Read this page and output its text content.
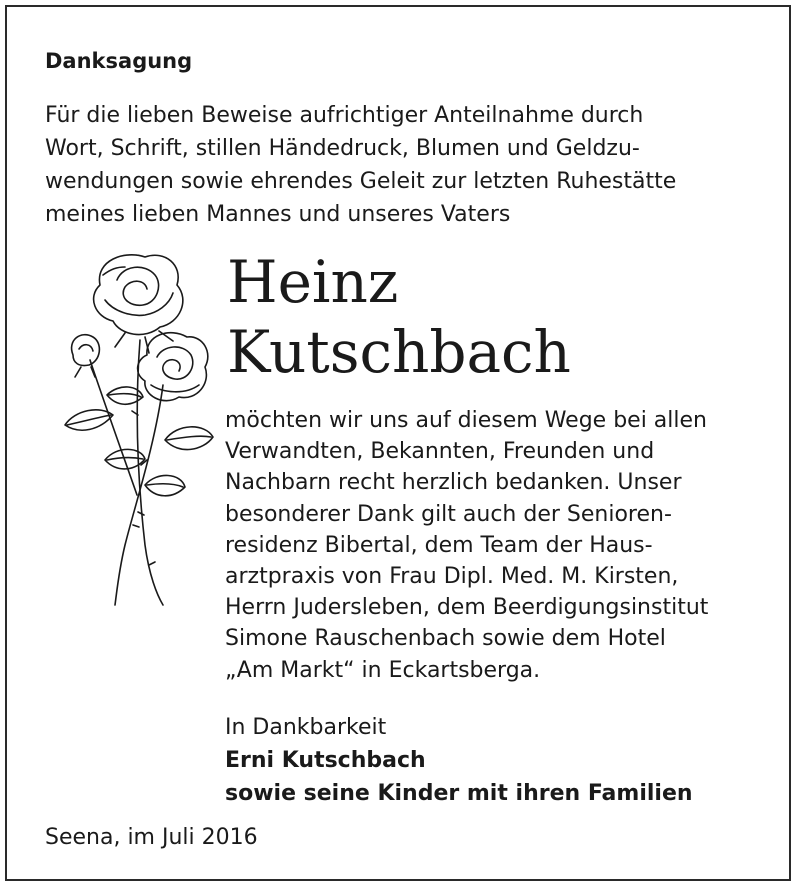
Danksagung
Für die lieben Beweise aufrichtiger Anteilnahme durch
Wort, Schrift, stillen Händedruck, Blumen und Geldzu-
wendungen sowie ehrendes Geleit zur letzten Ruhestätte
meines lieben Mannes und unseres Vaters
Heinz
Kutschbach
möchten wir uns auf diesem Wege bei allen
Verwandten, Bekannten, Freunden und
Nachbarn recht herzlich bedanken. Unser
besonderer Dank gilt auch der Senioren-
residenz Bibertal, dem Team der Haus-
arztpraxis von Frau Dipl. Med. M. Kirsten,
Herrn Judersleben, dem Beerdigungsinstitut
Simone Rauschenbach sowie dem Hotel
„Am Markt“ in Eckartsberga.
In Dankbarkeit
Erni Kutschbach
sowie seine Kinder mit ihren Familien
Seena, im Juli 2016
